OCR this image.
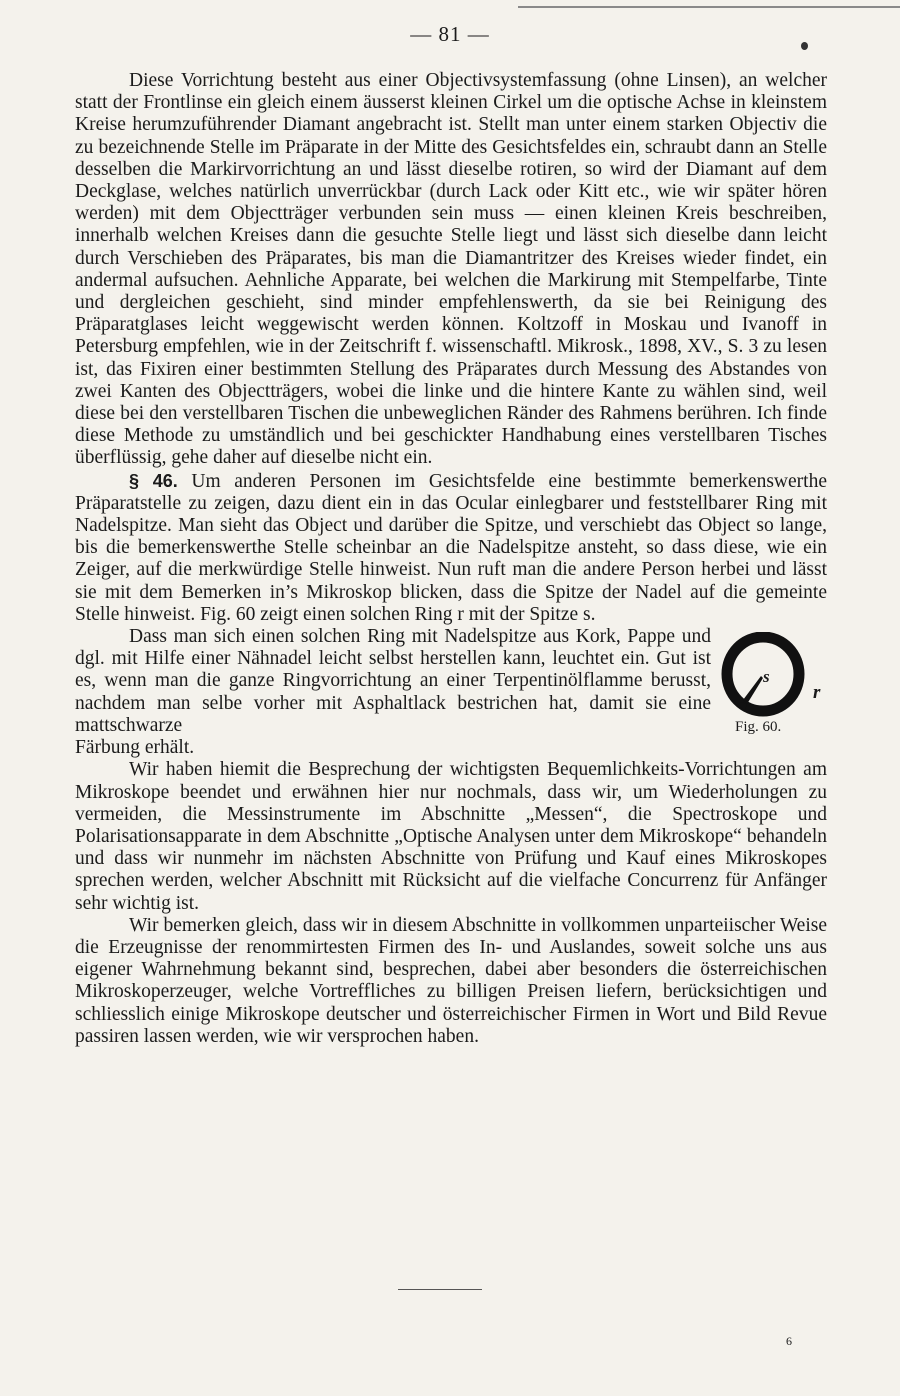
— 81 —

Diese Vorrichtung besteht aus einer Objectivsystemfassung (ohne Linsen), an welcher statt der Frontlinse ein gleich einem äusserst kleinen Cirkel um die optische Achse in kleinstem Kreise herumzuführender Diamant angebracht ist. Stellt man unter einem starken Objectiv die zu bezeichnende Stelle im Präparate in der Mitte des Gesichtsfeldes ein, schraubt dann an Stelle desselben die Markirvorrichtung an und lässt dieselbe rotiren, so wird der Diamant auf dem Deckglase, welches natürlich unverrückbar (durch Lack oder Kitt etc., wie wir später hören werden) mit dem Objectträger verbunden sein muss — einen kleinen Kreis beschreiben, innerhalb welchen Kreises dann die gesuchte Stelle liegt und lässt sich dieselbe dann leicht durch Verschieben des Präparates, bis man die Diamantritzer des Kreises wieder findet, ein andermal aufsuchen. Aehnliche Apparate, bei welchen die Markirung mit Stempelfarbe, Tinte und dergleichen geschieht, sind minder empfehlenswerth, da sie bei Reinigung des Präparatglases leicht weggewischt werden können. Koltzoff in Moskau und Ivanoff in Petersburg empfehlen, wie in der Zeitschrift f. wissenschaftl. Mikrosk., 1898, XV., S. 3 zu lesen ist, das Fixiren einer bestimmten Stellung des Präparates durch Messung des Abstandes von zwei Kanten des Objectträgers, wobei die linke und die hintere Kante zu wählen sind, weil diese bei den verstellbaren Tischen die unbeweglichen Ränder des Rahmens berühren. Ich finde diese Methode zu umständlich und bei geschickter Handhabung eines verstellbaren Tisches überflüssig, gehe daher auf dieselbe nicht ein.

§ 46. Um anderen Personen im Gesichtsfelde eine bestimmte bemerkenswerthe Präparatstelle zu zeigen, dazu dient ein in das Ocular einlegbarer und feststellbarer Ring mit Nadelspitze. Man sieht das Object und darüber die Spitze, und verschiebt das Object so lange, bis die bemerkenswerthe Stelle scheinbar an die Nadelspitze ansteht, so dass diese, wie ein Zeiger, auf die merkwürdige Stelle hinweist. Nun ruft man die andere Person herbei und lässt sie mit dem Bemerken in’s Mikroskop blicken, dass die Spitze der Nadel auf die gemeinte Stelle hinweist. Fig. 60 zeigt einen solchen Ring r mit der Spitze s.

Dass man sich einen solchen Ring mit Nadelspitze aus Kork, Pappe und dgl. mit Hilfe einer Nähnadel leicht selbst herstellen kann, leuchtet ein. Gut ist es, wenn man die ganze Ringvorrichtung an einer Terpentinölflamme berusst, nachdem man selbe vorher mit Asphaltlack bestrichen hat, damit sie eine mattschwarze

s
r
Fig. 60.

Färbung erhält.

Wir haben hiemit die Besprechung der wichtigsten Bequemlichkeits-Vorrichtungen am Mikroskope beendet und erwähnen hier nur nochmals, dass wir, um Wiederholungen zu vermeiden, die Messinstrumente im Abschnitte „Messen“, die Spectroskope und Polarisationsapparate in dem Abschnitte „Optische Analysen unter dem Mikroskope“ behandeln und dass wir nunmehr im nächsten Abschnitte von Prüfung und Kauf eines Mikroskopes sprechen werden, welcher Abschnitt mit Rücksicht auf die vielfache Concurrenz für Anfänger sehr wichtig ist.

Wir bemerken gleich, dass wir in diesem Abschnitte in vollkommen unparteiischer Weise die Erzeugnisse der renommirtesten Firmen des In- und Auslandes, soweit solche uns aus eigener Wahrnehmung bekannt sind, besprechen, dabei aber besonders die österreichischen Mikroskoperzeuger, welche Vortreffliches zu billigen Preisen liefern, berücksichtigen und schliesslich einige Mikroskope deutscher und österreichischer Firmen in Wort und Bild Revue passiren lassen werden, wie wir versprochen haben.

6
